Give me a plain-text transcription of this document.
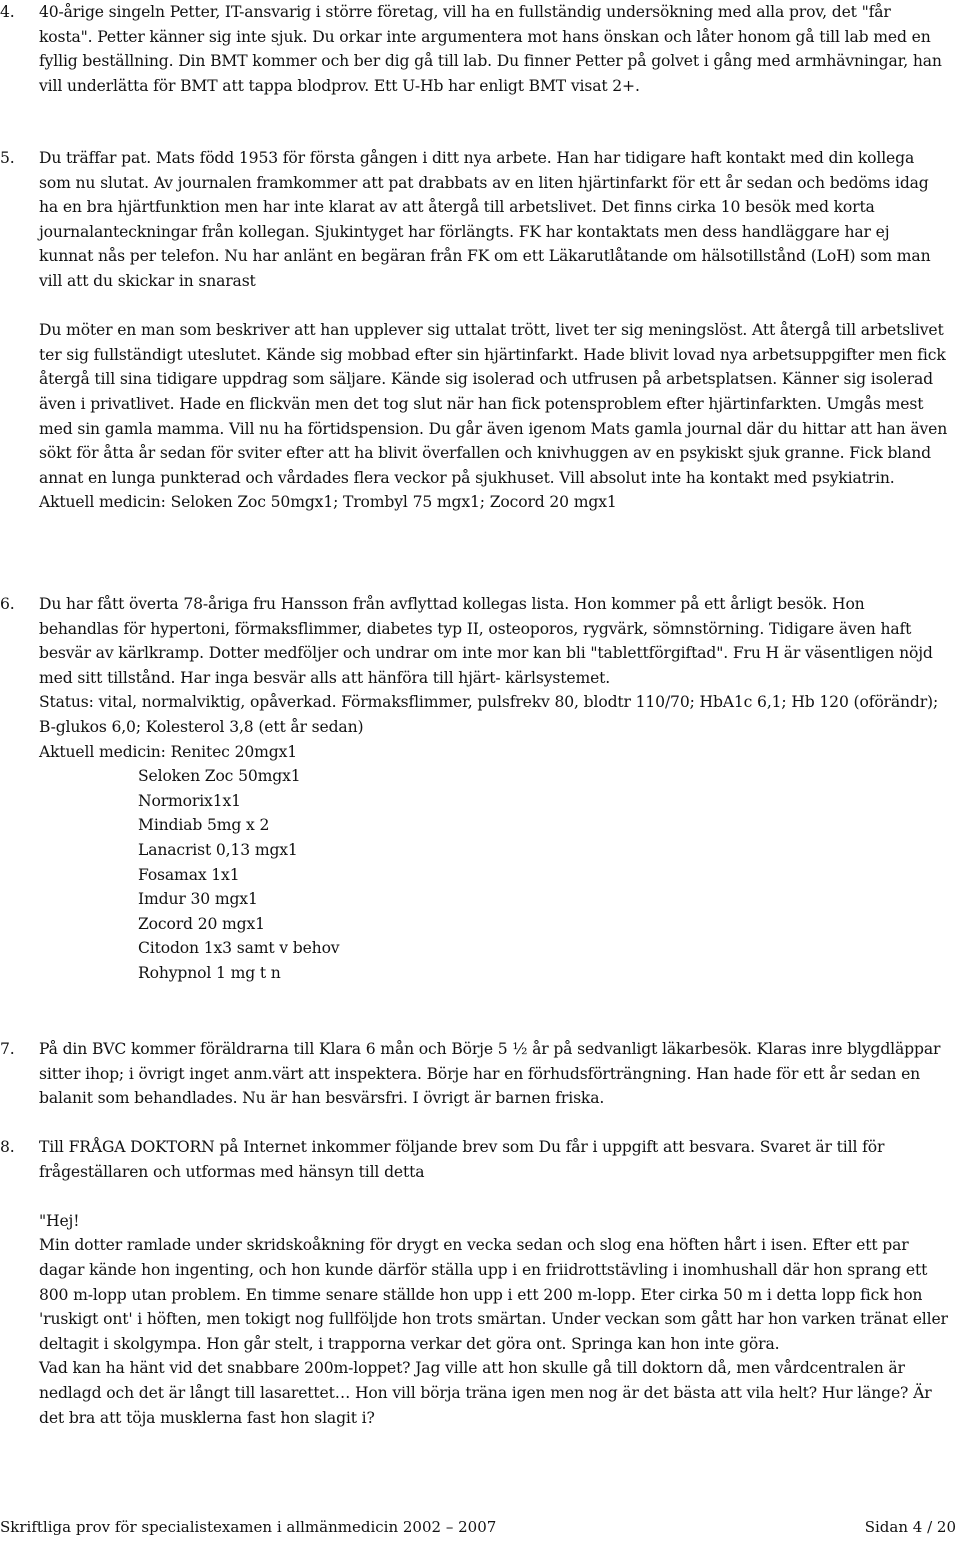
4.	40-årige singeln Petter, IT-ansvarig i större företag, vill ha en fullständig undersökning med alla prov, det "får kosta". Petter känner sig inte sjuk. Du orkar inte argumentera mot hans önskan och låter honom gå till lab med en fyllig beställning. Din BMT kommer och ber dig gå till lab. Du finner Petter på golvet i gång med armhävningar, han vill underlätta för BMT att tappa blodprov. Ett U-Hb har enligt BMT visat 2+.

5.	Du träffar pat. Mats född 1953 för första gången i ditt nya arbete. Han har tidigare haft kontakt med din kollega som nu slutat. Av journalen framkommer att pat drabbats av en liten hjärtinfarkt för ett år sedan och bedöms idag ha en bra hjärtfunktion men har inte klarat av att återgå till arbetslivet. Det finns cirka 10 besök med korta journalanteckningar från kollegan. Sjukintyget har förlängts. FK har kontaktats men dess handläggare har ej kunnat nås per telefon. Nu har anlänt en begäran från FK om ett Läkarutlåtande om hälsotillstånd (LoH) som man vill att du skickar in snarast

Du möter en man som beskriver att han upplever sig uttalat trött, livet ter sig meningslöst. Att återgå till arbetslivet ter sig fullständigt uteslutet. Kände sig mobbad efter sin hjärtinfarkt. Hade blivit lovad nya arbetsuppgifter men fick återgå till sina tidigare uppdrag som säljare. Kände sig isolerad och utfrusen på arbetsplatsen. Känner sig isolerad även i privatlivet. Hade en flickvän men det tog slut när han fick potensproblem efter hjärtinfarkten. Umgås mest med sin gamla mamma. Vill nu ha förtidspension. Du går även igenom Mats gamla journal där du hittar att han även sökt för åtta år sedan för sviter efter att ha blivit överfallen och knivhuggen av en psykiskt sjuk granne. Fick bland annat en lunga punkterad och vårdades flera veckor på sjukhuset. Vill absolut inte ha kontakt med psykiatrin.

Aktuell medicin: Seloken Zoc 50mgx1; Trombyl 75 mgx1; Zocord 20 mgx1

6.	Du har fått överta 78-åriga fru Hansson från avflyttad kollegas lista. Hon kommer på ett årligt besök. Hon behandlas för hypertoni, förmaksflimmer, diabetes typ II, osteoporos, rygvärk, sömnstörning. Tidigare även haft besvär av kärlkramp. Dotter medföljer och undrar om inte mor kan bli "tablettförgiftad". Fru H är väsentligen nöjd med sitt tillstånd. Har inga besvär alls att hänföra till hjärt- kärlsystemet.

Status: vital, normalviktig, opåverkad. Förmaksflimmer, pulsfrekv 80, blodtr 110/70; HbA1c 6,1; Hb 120 (oförändr); B-glukos 6,0; Kolesterol 3,8 (ett år sedan)

Aktuell medicin: Renitec 20mgx1

Seloken Zoc 50mgx1

Normorix1x1

Mindiab 5mg x 2

Lanacrist 0,13 mgx1

Fosamax 1x1

Imdur 30 mgx1

Zocord 20 mgx1

Citodon 1x3 samt v behov

Rohypnol 1 mg t n

7.	På din BVC kommer föräldrarna till Klara 6 mån och Börje 5 ½ år på sedvanligt läkarbesök. Klaras inre blygdläppar sitter ihop; i övrigt inget anm.värt att inspektera. Börje har en förhudsförträngning. Han hade för ett år sedan en balanit som behandlades. Nu är han besvärsfri. I övrigt är barnen friska.

8.	Till FRÅGA DOKTORN på Internet inkommer följande brev som Du får i uppgift att besvara. Svaret är till för frågeställaren och utformas med hänsyn till detta

"Hej!

Min dotter ramlade under skridskoåkning för drygt en vecka sedan och slog ena höften hårt i isen. Efter ett par dagar kände hon ingenting, och hon kunde därför ställa upp i en friidrottstävling i inomhushall där hon sprang ett 800 m-lopp utan problem. En timme senare ställde hon upp i ett 200 m-lopp. Eter cirka 50 m i detta lopp fick hon 'ruskigt ont' i höften, men tokigt nog fullföljde hon trots smärtan. Under veckan som gått har hon varken tränat eller deltagit i skolgympa. Hon går stelt, i trapporna verkar det göra ont. Springa kan hon inte göra.

Vad kan ha hänt vid det snabbare 200m-loppet? Jag ville att hon skulle gå till doktorn då, men vårdcentralen är nedlagd och det är långt till lasarettet… Hon vill börja träna igen men nog är det bästa att vila helt? Hur länge? Är det bra att töja musklerna fast hon slagit i?

Skriftliga prov för specialistexamen i allmänmedicin 2002 – 2007	Sidan 4 / 20
